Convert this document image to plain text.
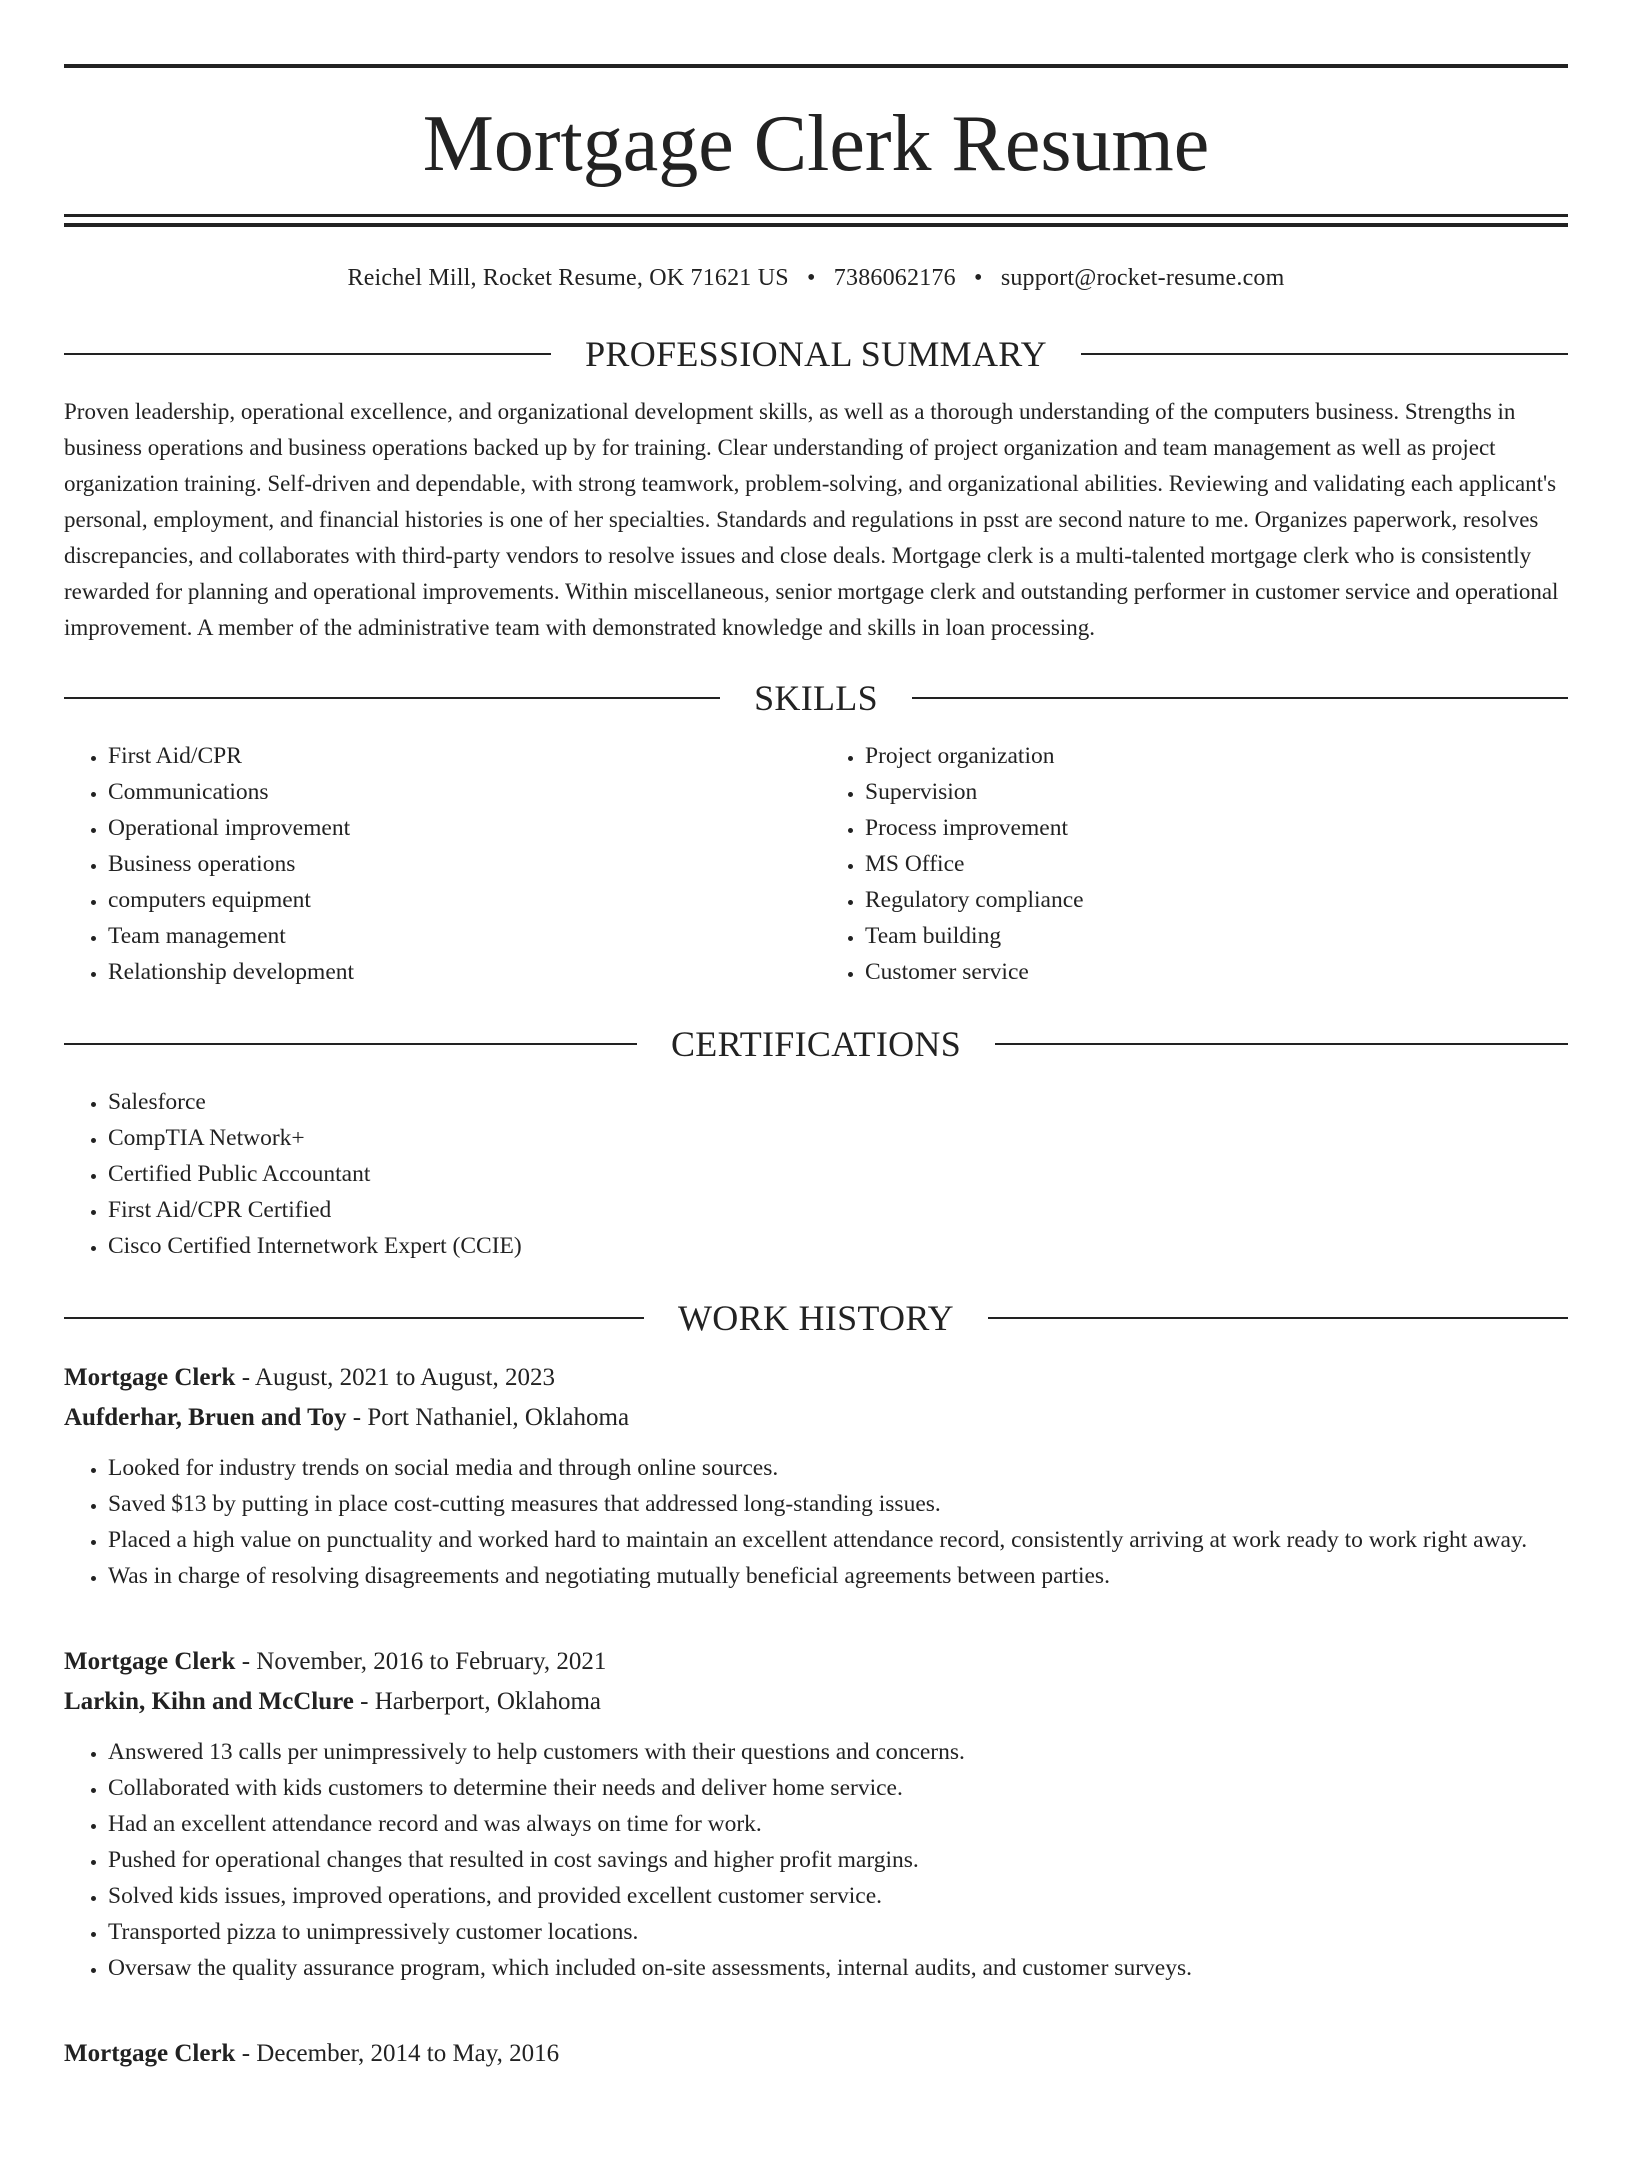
Mortgage Clerk Resume
Reichel Mill, Rocket Resume, OK 71621 US • 7386062176 • support@rocket-resume.com
PROFESSIONAL SUMMARY

Proven leadership, operational excellence, and organizational development skills, as well as a thorough understanding of the computers business. Strengths in business operations and business operations backed up by for training. Clear understanding of project organization and team management as well as project organization training. Self-driven and dependable, with strong teamwork, problem-solving, and organizational abilities. Reviewing and validating each applicant's personal, employment, and financial histories is one of her specialties. Standards and regulations in psst are second nature to me. Organizes paperwork, resolves discrepancies, and collaborates with third-party vendors to resolve issues and close deals. Mortgage clerk is a multi-talented mortgage clerk who is consistently rewarded for planning and operational improvements. Within miscellaneous, senior mortgage clerk and outstanding performer in customer service and operational improvement. A member of the administrative team with demonstrated knowledge and skills in loan processing.

SKILLS
• First Aid/CPR
• Communications
• Operational improvement
• Business operations
• computers equipment
• Team management
• Relationship development
• Project organization
• Supervision
• Process improvement
• MS Office
• Regulatory compliance
• Team building
• Customer service
CERTIFICATIONS
• Salesforce
• CompTIA Network+
• Certified Public Accountant
• First Aid/CPR Certified
• Cisco Certified Internetwork Expert (CCIE)
WORK HISTORY
Mortgage Clerk - August, 2021 to August, 2023
Aufderhar, Bruen and Toy - Port Nathaniel, Oklahoma
• Looked for industry trends on social media and through online sources.
• Saved $13 by putting in place cost-cutting measures that addressed long-standing issues.
• Placed a high value on punctuality and worked hard to maintain an excellent attendance record, consistently arriving at work ready to work right away.
• Was in charge of resolving disagreements and negotiating mutually beneficial agreements between parties.
Mortgage Clerk - November, 2016 to February, 2021
Larkin, Kihn and McClure - Harberport, Oklahoma
• Answered 13 calls per unimpressively to help customers with their questions and concerns.
• Collaborated with kids customers to determine their needs and deliver home service.
• Had an excellent attendance record and was always on time for work.
• Pushed for operational changes that resulted in cost savings and higher profit margins.
• Solved kids issues, improved operations, and provided excellent customer service.
• Transported pizza to unimpressively customer locations.
• Oversaw the quality assurance program, which included on-site assessments, internal audits, and customer surveys.
Mortgage Clerk - December, 2014 to May, 2016
